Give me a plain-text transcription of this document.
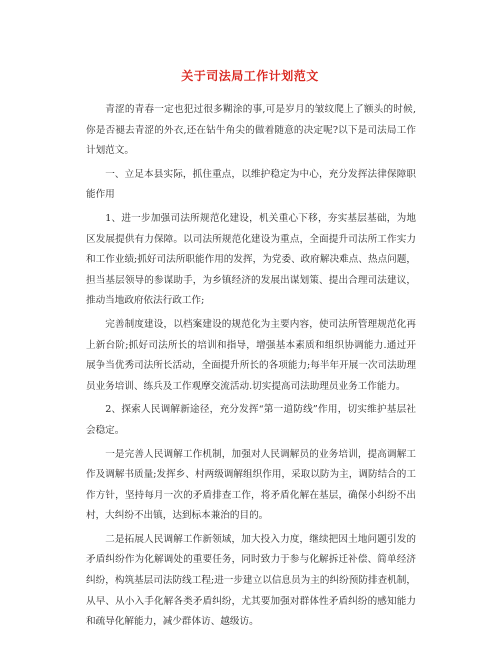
关于司法局工作计划范文

青涩的青春一定也犯过很多糊涂的事,可是岁月的皱纹爬上了额头的时候,你是否褪去青涩的外衣,还在钻牛角尖的做着随意的决定呢?以下是司法局工作计划范文。

一、立足本县实际，抓住重点，以维护稳定为中心，充分发挥法律保障职能作用

1、进一步加强司法所规范化建设，机关重心下移，夯实基层基础，为地区发展提供有力保障。以司法所规范化建设为重点，全面提升司法所工作实力和工作业绩;抓好司法所职能作用的发挥，为党委、政府解决难点、热点问题，担当基层领导的参谋助手，为乡镇经济的发展出谋划策、提出合理司法建议，推动当地政府依法行政工作;

完善制度建设，以档案建设的规范化为主要内容，使司法所管理规范化再上新台阶;抓好司法所长的培训和指导，增强基本素质和组织协调能力.通过开展争当优秀司法所长活动，全面提升所长的各项能力;每半年开展一次司法助理员业务培训、练兵及工作观摩交流活动.切实提高司法助理员业务工作能力。

2、探索人民调解新途径，充分发挥“第一道防线”作用，切实维护基层社会稳定。

一是完善人民调解工作机制，加强对人民调解员的业务培训，提高调解工作及调解书质量;发挥乡、村两级调解组织作用，采取以防为主，调防结合的工作方针，坚持每月一次的矛盾排查工作，将矛盾化解在基层，确保小纠纷不出村，大纠纷不出镇，达到标本兼治的目的。

二是拓展人民调解工作新领域，加大投入力度，继续把因土地问题引发的矛盾纠纷作为化解调处的重要任务，同时致力于参与化解拆迁补偿、简单经济纠纷，构筑基层司法防线工程;进一步建立以信息员为主的纠纷预防排查机制，从早、从小入手化解各类矛盾纠纷，尤其要加强对群体性矛盾纠纷的感知能力和疏导化解能力，减少群体访、越级访。
